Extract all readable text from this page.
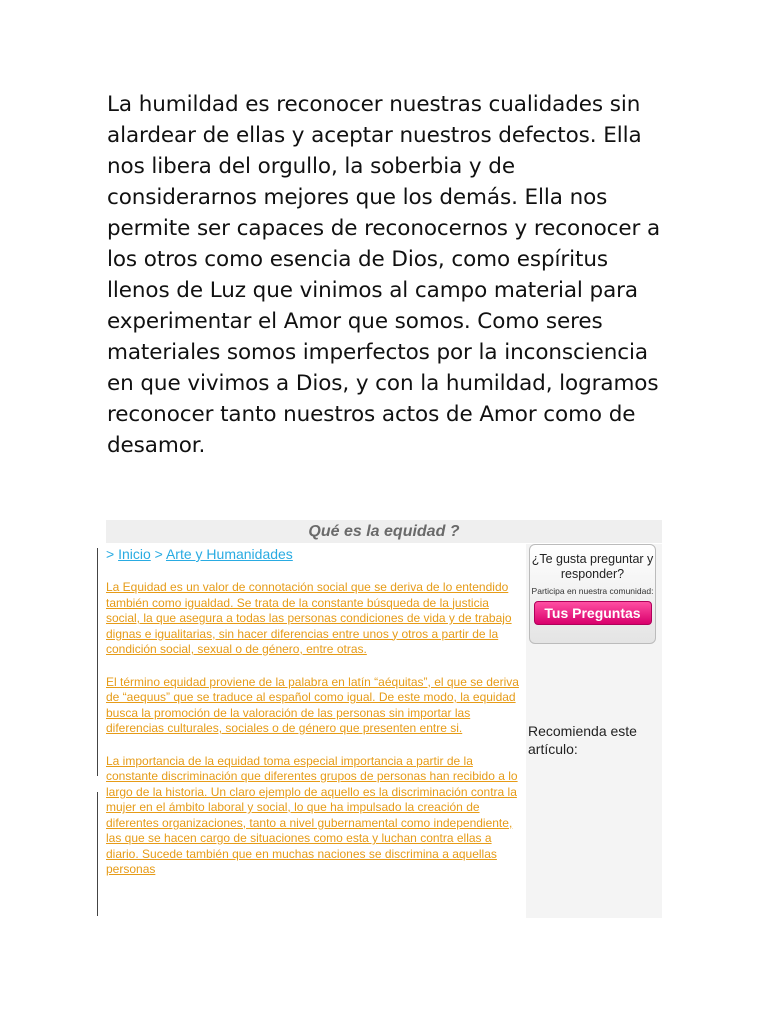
La humildad es reconocer nuestras cualidades sin alardear de ellas y aceptar nuestros defectos. Ella nos libera del orgullo, la soberbia y de considerarnos mejores que los demás. Ella nos permite ser capaces de reconocernos y reconocer a los otros como esencia de Dios, como espíritus llenos de Luz que vinimos al campo material para experimentar el Amor que somos. Como seres materiales somos imperfectos por la inconsciencia en que vivimos a Dios, y con la humildad, logramos reconocer tanto nuestros actos de Amor como de desamor.

Qué es la equidad ?
> Inicio > Arte y Humanidades

La Equidad es un valor de connotación social que se deriva de lo entendido también como igualdad. Se trata de la constante búsqueda de la justicia social, la que asegura a todas las personas condiciones de vida y de trabajo dignas e igualitarias, sin hacer diferencias entre unos y otros a partir de la condición social, sexual o de género, entre otras.

El término equidad proviene de la palabra en latín “aéquitas”, el que se deriva de “aequus” que se traduce al español como igual. De este modo, la equidad busca la promoción de la valoración de las personas sin importar las diferencias culturales, sociales o de género que presenten entre si.

La importancia de la equidad toma especial importancia a partir de la constante discriminación que diferentes grupos de personas han recibido a lo largo de la historia. Un claro ejemplo de aquello es la discriminación contra la mujer en el ámbito laboral y social, lo que ha impulsado la creación de diferentes organizaciones, tanto a nivel gubernamental como independiente, las que se hacen cargo de situaciones como esta y luchan contra ellas a diario. Sucede también que en muchas naciones se discrimina a aquellas personas

¿Te gusta preguntar y responder?
Participa en nuestra comunidad:
Tus Preguntas
Recomienda este artículo:
